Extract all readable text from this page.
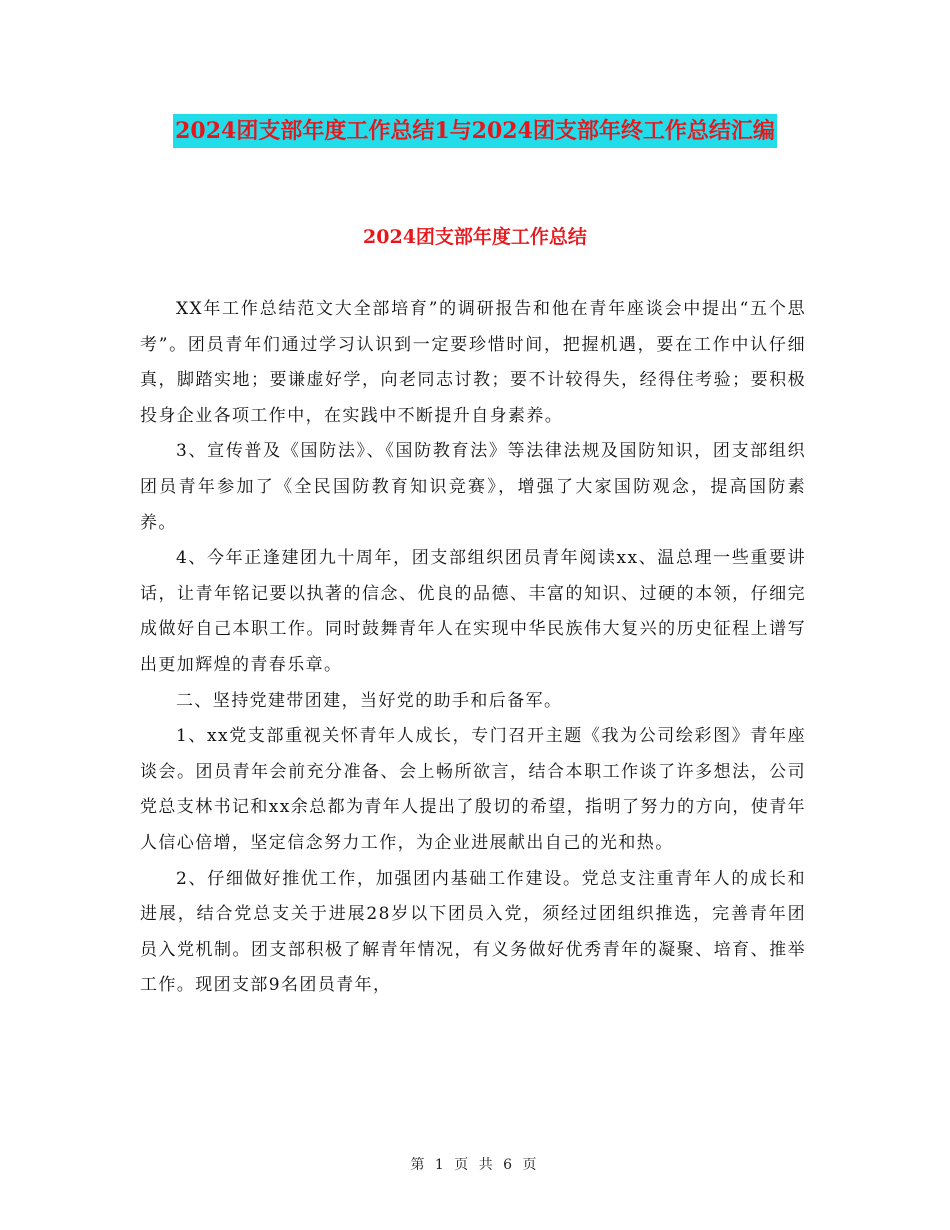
2024团支部年度工作总结1与2024团支部年终工作总结汇编
2024团支部年度工作总结

XX年工作总结范文大全部培育”的调研报告和他在青年座谈会中提出“五个思考”。团员青年们通过学习认识到一定要珍惜时间，把握机遇，要在工作中认仔细真，脚踏实地；要谦虚好学，向老同志讨教；要不计较得失，经得住考验；要积极投身企业各项工作中，在实践中不断提升自身素养。

3、宣传普及《国防法》、《国防教育法》等法律法规及国防知识，团支部组织团员青年参加了《全民国防教育知识竞赛》，增强了大家国防观念，提高国防素养。

4、今年正逢建团九十周年，团支部组织团员青年阅读xx、温总理一些重要讲话，让青年铭记要以执著的信念、优良的品德、丰富的知识、过硬的本领，仔细完成做好自己本职工作。同时鼓舞青年人在实现中华民族伟大复兴的历史征程上谱写出更加辉煌的青春乐章。

二、坚持党建带团建，当好党的助手和后备军。

1、xx党支部重视关怀青年人成长，专门召开主题《我为公司绘彩图》青年座谈会。团员青年会前充分准备、会上畅所欲言，结合本职工作谈了许多想法，公司党总支林书记和xx余总都为青年人提出了殷切的希望，指明了努力的方向，使青年人信心倍增，坚定信念努力工作，为企业进展献出自己的光和热。

2、仔细做好推优工作，加强团内基础工作建设。党总支注重青年人的成长和进展，结合党总支关于进展28岁以下团员入党，须经过团组织推选，完善青年团员入党机制。团支部积极了解青年情况，有义务做好优秀青年的凝聚、培育、推举工作。现团支部9名团员青年，

第 1 页 共 6 页
